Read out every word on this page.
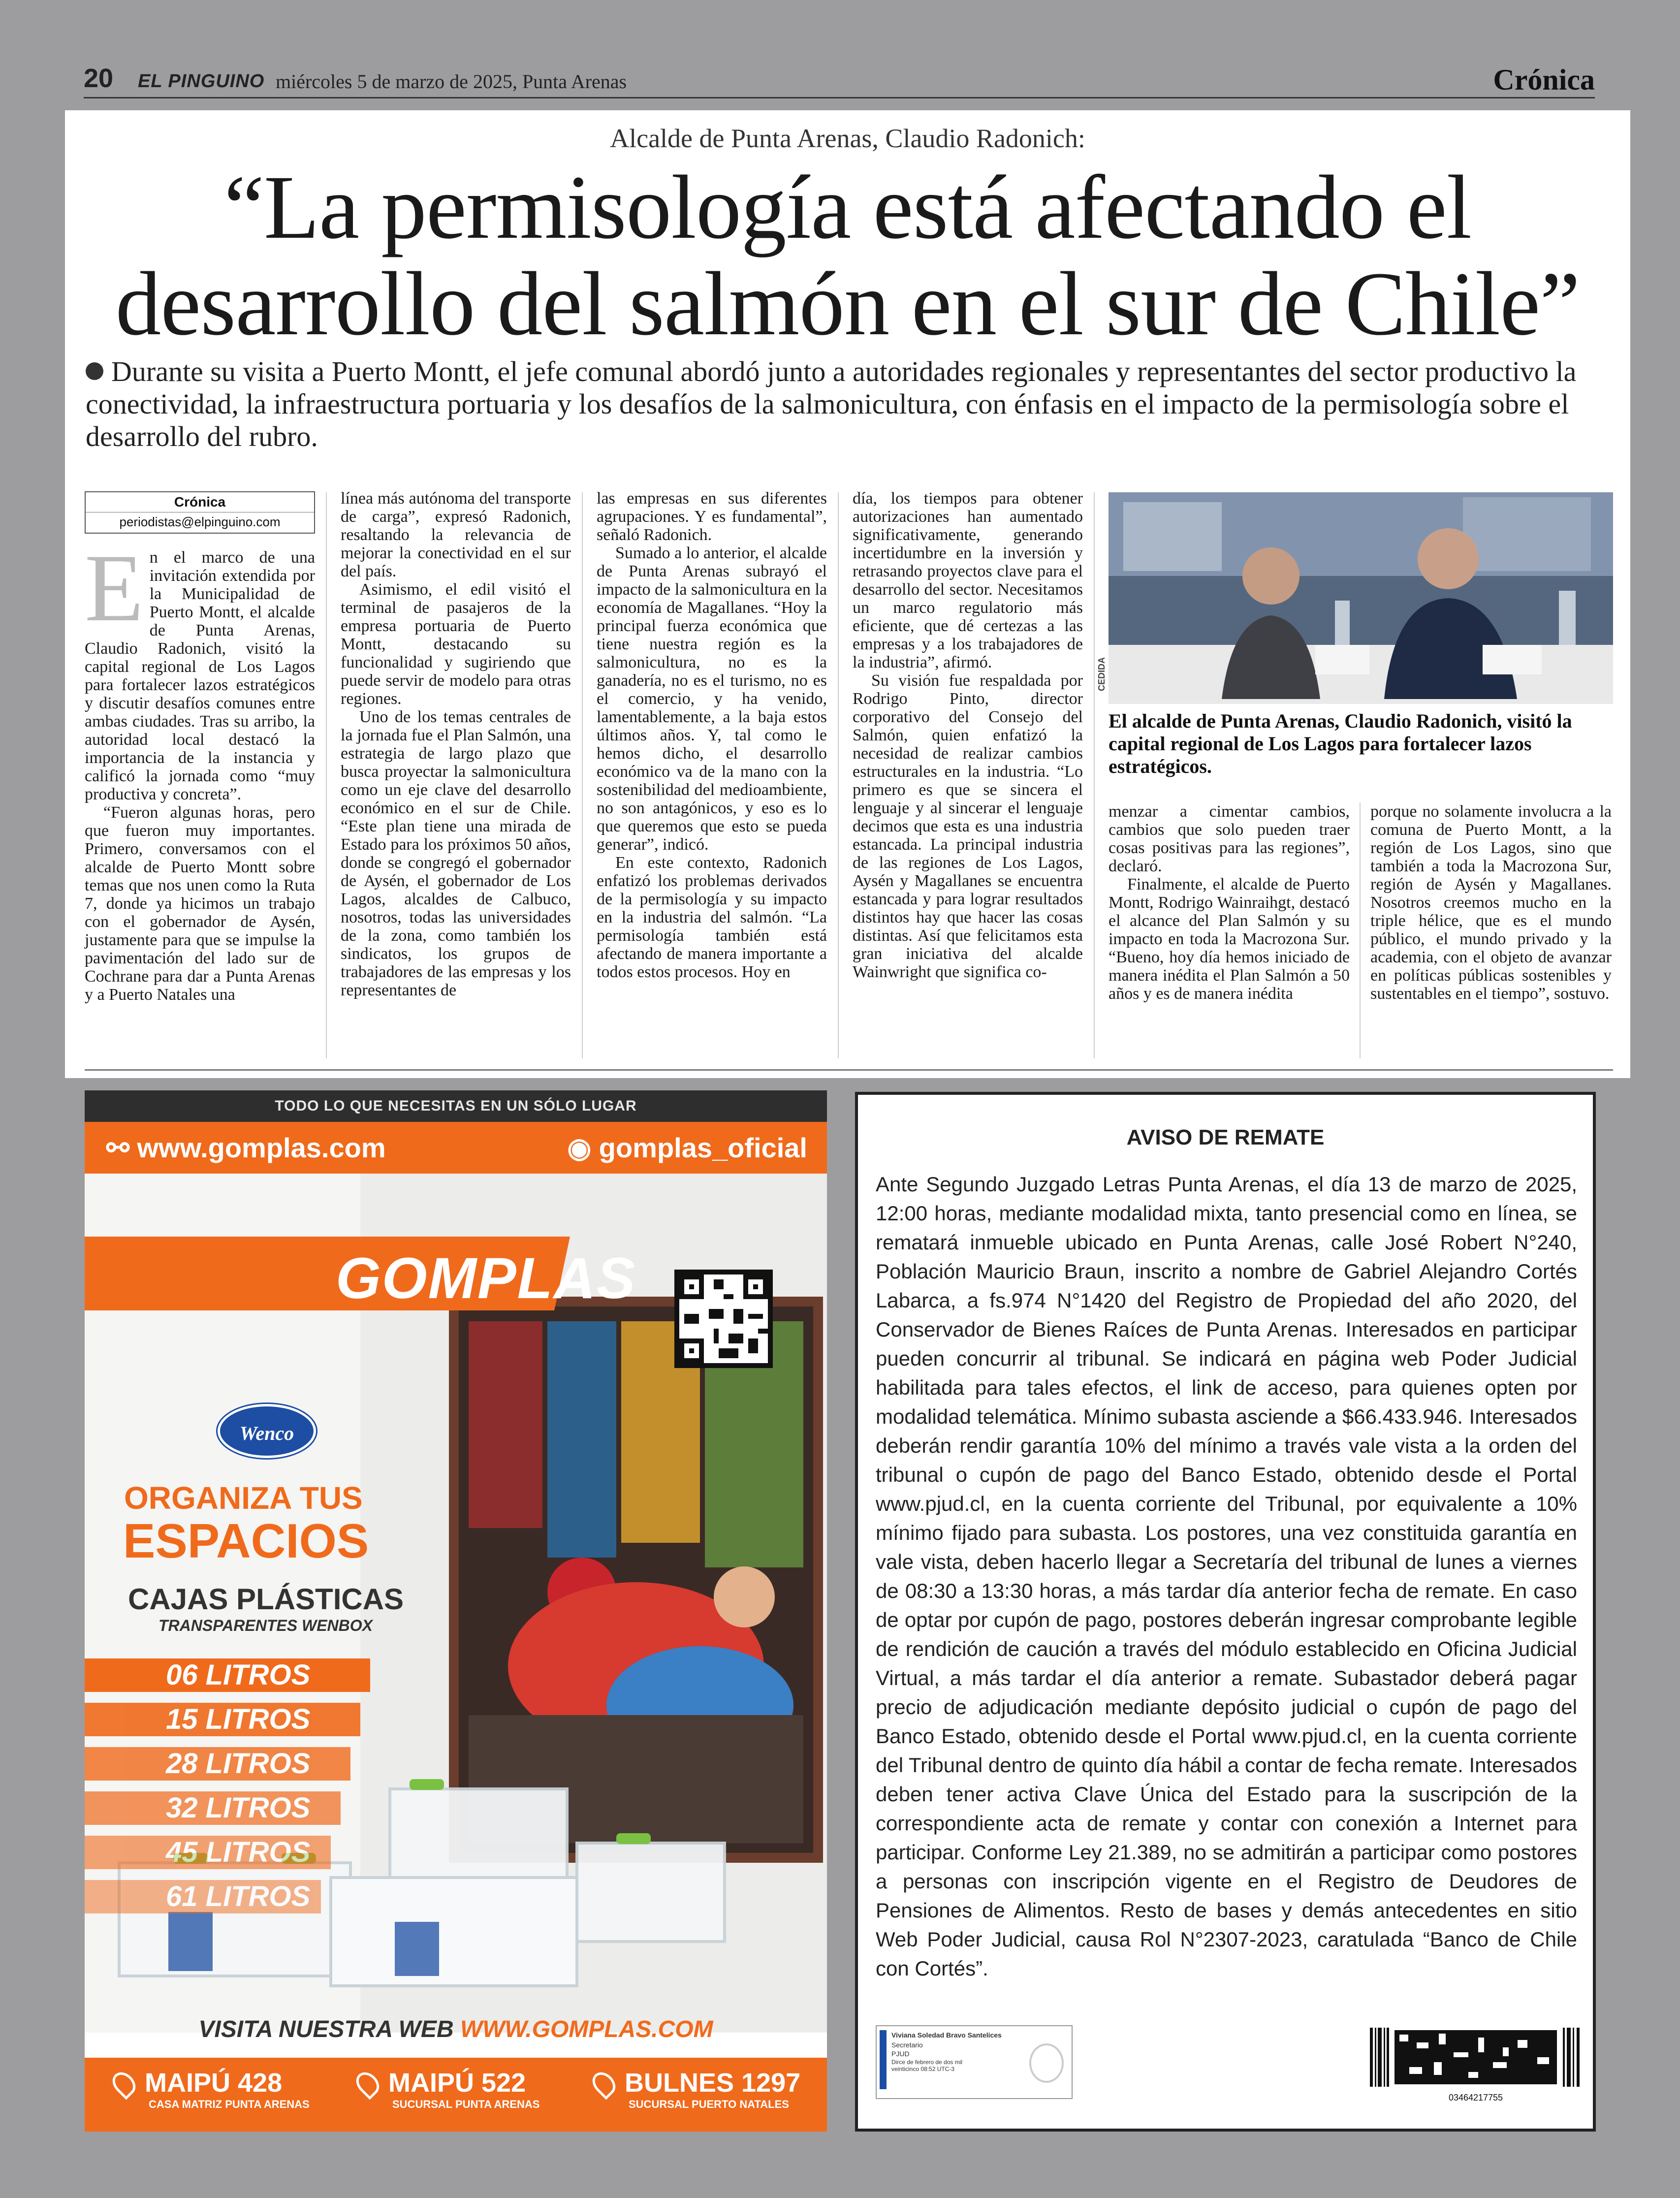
20 EL PINGUINO miércoles 5 de marzo de 2025, Punta Arenas	Crónica
Alcalde de Punta Arenas, Claudio Radonich:
“La permisología está afectando el desarrollo del salmón en el sur de Chile”
Durante su visita a Puerto Montt, el jefe comunal abordó junto a autoridades regionales y representantes del sector productivo la conectividad, la infraestructura portuaria y los desafíos de la salmonicultura, con énfasis en el impacto de la permisología sobre el desarrollo del rubro.
Crónica
periodistas@elpinguino.com

En el marco de una invitación extendida por la Municipalidad de Puerto Montt, el alcalde de Punta Arenas, Claudio Radonich, visitó la capital regional de Los Lagos para fortalecer lazos estratégicos y discutir desafíos comunes entre ambas ciudades. Tras su arribo, la autoridad local destacó la importancia de la instancia y calificó la jornada como “muy productiva y concreta”.

“Fueron algunas horas, pero que fueron muy importantes. Primero, conversamos con el alcalde de Puerto Montt sobre temas que nos unen como la Ruta 7, donde ya hicimos un trabajo con el gobernador de Aysén, justamente para que se impulse la pavimentación del lado sur de Cochrane para dar a Punta Arenas y a Puerto Natales una

línea más autónoma del transporte de carga”, expresó Radonich, resaltando la relevancia de mejorar la conectividad en el sur del país.

Asimismo, el edil visitó el terminal de pasajeros de la empresa portuaria de Puerto Montt, destacando su funcionalidad y sugiriendo que puede servir de modelo para otras regiones.

Uno de los temas centrales de la jornada fue el Plan Salmón, una estrategia de largo plazo que busca proyectar la salmonicultura como un eje clave del desarrollo económico en el sur de Chile. “Este plan tiene una mirada de Estado para los próximos 50 años, donde se congregó el gobernador de Aysén, el gobernador de Los Lagos, alcaldes de Calbuco, nosotros, todas las universidades de la zona, como también los sindicatos, los grupos de trabajadores de las empresas y los representantes de

las empresas en sus diferentes agrupaciones. Y es fundamental”, señaló Radonich.

Sumado a lo anterior, el alcalde de Punta Arenas subrayó el impacto de la salmonicultura en la economía de Magallanes. “Hoy la principal fuerza económica que tiene nuestra región es la salmonicultura, no es la ganadería, no es el turismo, no es el comercio, y ha venido, lamentablemente, a la baja estos últimos años. Y, tal como le hemos dicho, el desarrollo económico va de la mano con la sostenibilidad del medioambiente, no son antagónicos, y eso es lo que queremos que esto se pueda generar”, indicó.

En este contexto, Radonich enfatizó los problemas derivados de la permisología y su impacto en la industria del salmón. “La permisología también está afectando de manera importante a todos estos procesos. Hoy en

día, los tiempos para obtener autorizaciones han aumentado significativamente, generando incertidumbre en la inversión y retrasando proyectos clave para el desarrollo del sector. Necesitamos un marco regulatorio más eficiente, que dé certezas a las empresas y a los trabajadores de la industria”, afirmó.

Su visión fue respaldada por Rodrigo Pinto, director corporativo del Consejo del Salmón, quien enfatizó la necesidad de realizar cambios estructurales en la industria. “Lo primero es que se sincera el lenguaje y al sincerar el lenguaje decimos que esta es una industria estancada. La principal industria de las regiones de Los Lagos, Aysén y Magallanes se encuentra estancada y para lograr resultados distintos hay que hacer las cosas distintas. Así que felicitamos esta gran iniciativa del alcalde Wainwright que significa co-

CEDIDA
El alcalde de Punta Arenas, Claudio Radonich, visitó la capital regional de Los Lagos para fortalecer lazos estratégicos.

menzar a cimentar cambios, cambios que solo pueden traer cosas positivas para las regiones”, declaró.

Finalmente, el alcalde de Puerto Montt, Rodrigo Wainraihgt, destacó el alcance del Plan Salmón y su impacto en toda la Macrozona Sur. “Bueno, hoy día hemos iniciado de manera inédita el Plan Salmón a 50 años y es de manera inédita

porque no solamente involucra a la comuna de Puerto Montt, a la región de Los Lagos, sino que también a toda la Macrozona Sur, región de Aysén y Magallanes. Nosotros creemos mucho en la triple hélice, que es el mundo público, el mundo privado y la academia, con el objeto de avanzar en políticas públicas sostenibles y sustentables en el tiempo”, sostuvo.

TODO LO QUE NECESITAS EN UN SÓLO LUGAR
⚯ www.gomplas.com	◉ gomplas_oficial
GOMPLAS
Wenco
ORGANIZA TUS
ESPACIOS
CAJAS PLÁSTICAS
TRANSPARENTES WENBOX
06 LITROS
15 LITROS
28 LITROS
32 LITROS
45 LITROS
61 LITROS
VISITA NUESTRA WEB WWW.GOMPLAS.COM
MAIPÚ 428
CASA MATRIZ PUNTA ARENAS
MAIPÚ 522
SUCURSAL PUNTA ARENAS
BULNES 1297
SUCURSAL PUERTO NATALES
AVISO DE REMATE
Ante Segundo Juzgado Letras Punta Arenas, el día 13 de marzo de 2025, 12:00 horas, mediante modalidad mixta, tanto presencial como en línea, se rematará inmueble ubicado en Punta Arenas, calle José Robert N°240, Población Mauricio Braun, inscrito a nombre de Gabriel Alejandro Cortés Labarca, a fs.974 N°1420 del Registro de Propiedad del año 2020, del Conservador de Bienes Raíces de Punta Arenas. Interesados en participar pueden concurrir al tribunal. Se indicará en página web Poder Judicial habilitada para tales efectos, el link de acceso, para quienes opten por modalidad telemática. Mínimo subasta asciende a $66.433.946. Interesados deberán rendir garantía 10% del mínimo a través vale vista a la orden del tribunal o cupón de pago del Banco Estado, obtenido desde el Portal www.pjud.cl, en la cuenta corriente del Tribunal, por equivalente a 10% mínimo fijado para subasta. Los postores, una vez constituida garantía en vale vista, deben hacerlo llegar a Secretaría del tribunal de lunes a viernes de 08:30 a 13:30 horas, a más tardar día anterior fecha de remate. En caso de optar por cupón de pago, postores deberán ingresar comprobante legible de rendición de caución a través del módulo establecido en Oficina Judicial Virtual, a más tardar el día anterior a remate. Subastador deberá pagar precio de adjudicación mediante depósito judicial o cupón de pago del Banco Estado, obtenido desde el Portal www.pjud.cl, en la cuenta corriente del Tribunal dentro de quinto día hábil a contar de fecha remate. Interesados deben tener activa Clave Única del Estado para la suscripción de la correspondiente acta de remate y contar con conexión a Internet para participar. Conforme Ley 21.389, no se admitirán a participar como postores a personas con inscripción vigente en el Registro de Deudores de Pensiones de Alimentos. Resto de bases y demás antecedentes en sitio Web Poder Judicial, causa Rol N°2307-2023, caratulada “Banco de Chile con Cortés”.
Viviana Soledad Bravo Santelices
Secretario
PJUD
Dirce de febrero de dos mil veinticinco 08:52 UTC-3
03464217755
